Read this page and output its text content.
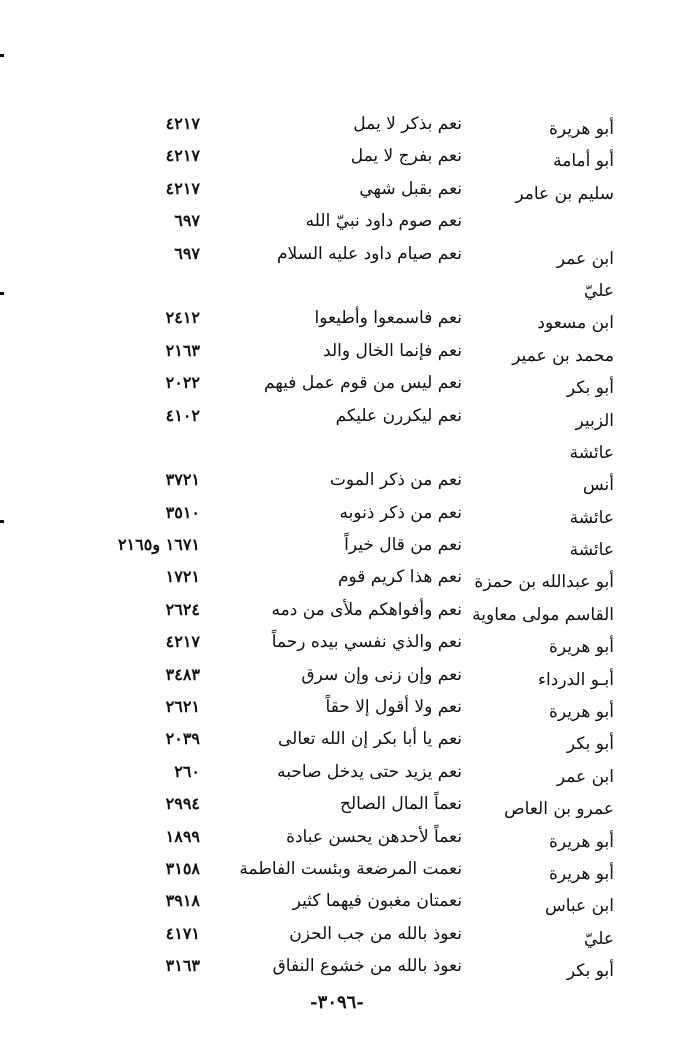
أبو هريرة
نعم بذكر لا يمل
٤٢١٧
أبو أمامة
نعم بفرج لا يمل
٤٢١٧
سليم بن عامر
نعم بقبل شهي
٤٢١٧
نعم صوم داود نبيّ الله
٦٩٧
ابن عمر
نعم صيام داود عليه السلام
٦٩٧
عليّ
ابن مسعود
نعم فاسمعوا وأطيعوا
٢٤١٢
محمد بن عمير
نعم فإنما الخال والد
٢١٦٣
أبو بكر
نعم ليس من قوم عمل فيهم
٢٠٢٢
الزبير
نعم ليكررن عليكم
٤١٠٢
عائشة
أنس
نعم من ذكر الموت
٣٧٢١
عائشة
نعم من ذكر ذنوبه
٣٥١٠
عائشة
نعم من قال خيراً
١٦٧١ و٢١٦٥
أبو عبدالله بن حمزة
نعم هذا كريم قوم
١٧٢١
القاسم مولى معاوية
نعم وأفواهكم ملأى من دمه
٢٦٢٤
أبو هريرة
نعم والذي نفسي بيده رحماً
٤٢١٧
أبـو الدرداء
نعم وإن زنى وإن سرق
٣٤٨٣
أبو هريرة
نعم ولا أقول إلا حقاً
٢٦٢١
أبو بكر
نعم يا أبا بكر إن الله تعالى
٢٠٣٩
ابن عمر
نعم يزيد حتى يدخل صاحبه
٢٦٠
عمرو بن العاص
نعماً المال الصالح
٢٩٩٤
أبو هريرة
نعماً لأحدهن يحسن عبادة
١٨٩٩
أبو هريرة
نعمت المرضعة وبئست الفاطمة
٣١٥٨
ابن عباس
نعمتان مغبون فيهما كثير
٣٩١٨
عليّ
نعوذ بالله من جب الحزن
٤١٧١
أبو بكر
نعوذ بالله من خشوع النفاق
٣١٦٣
-٣٠٩٦-
